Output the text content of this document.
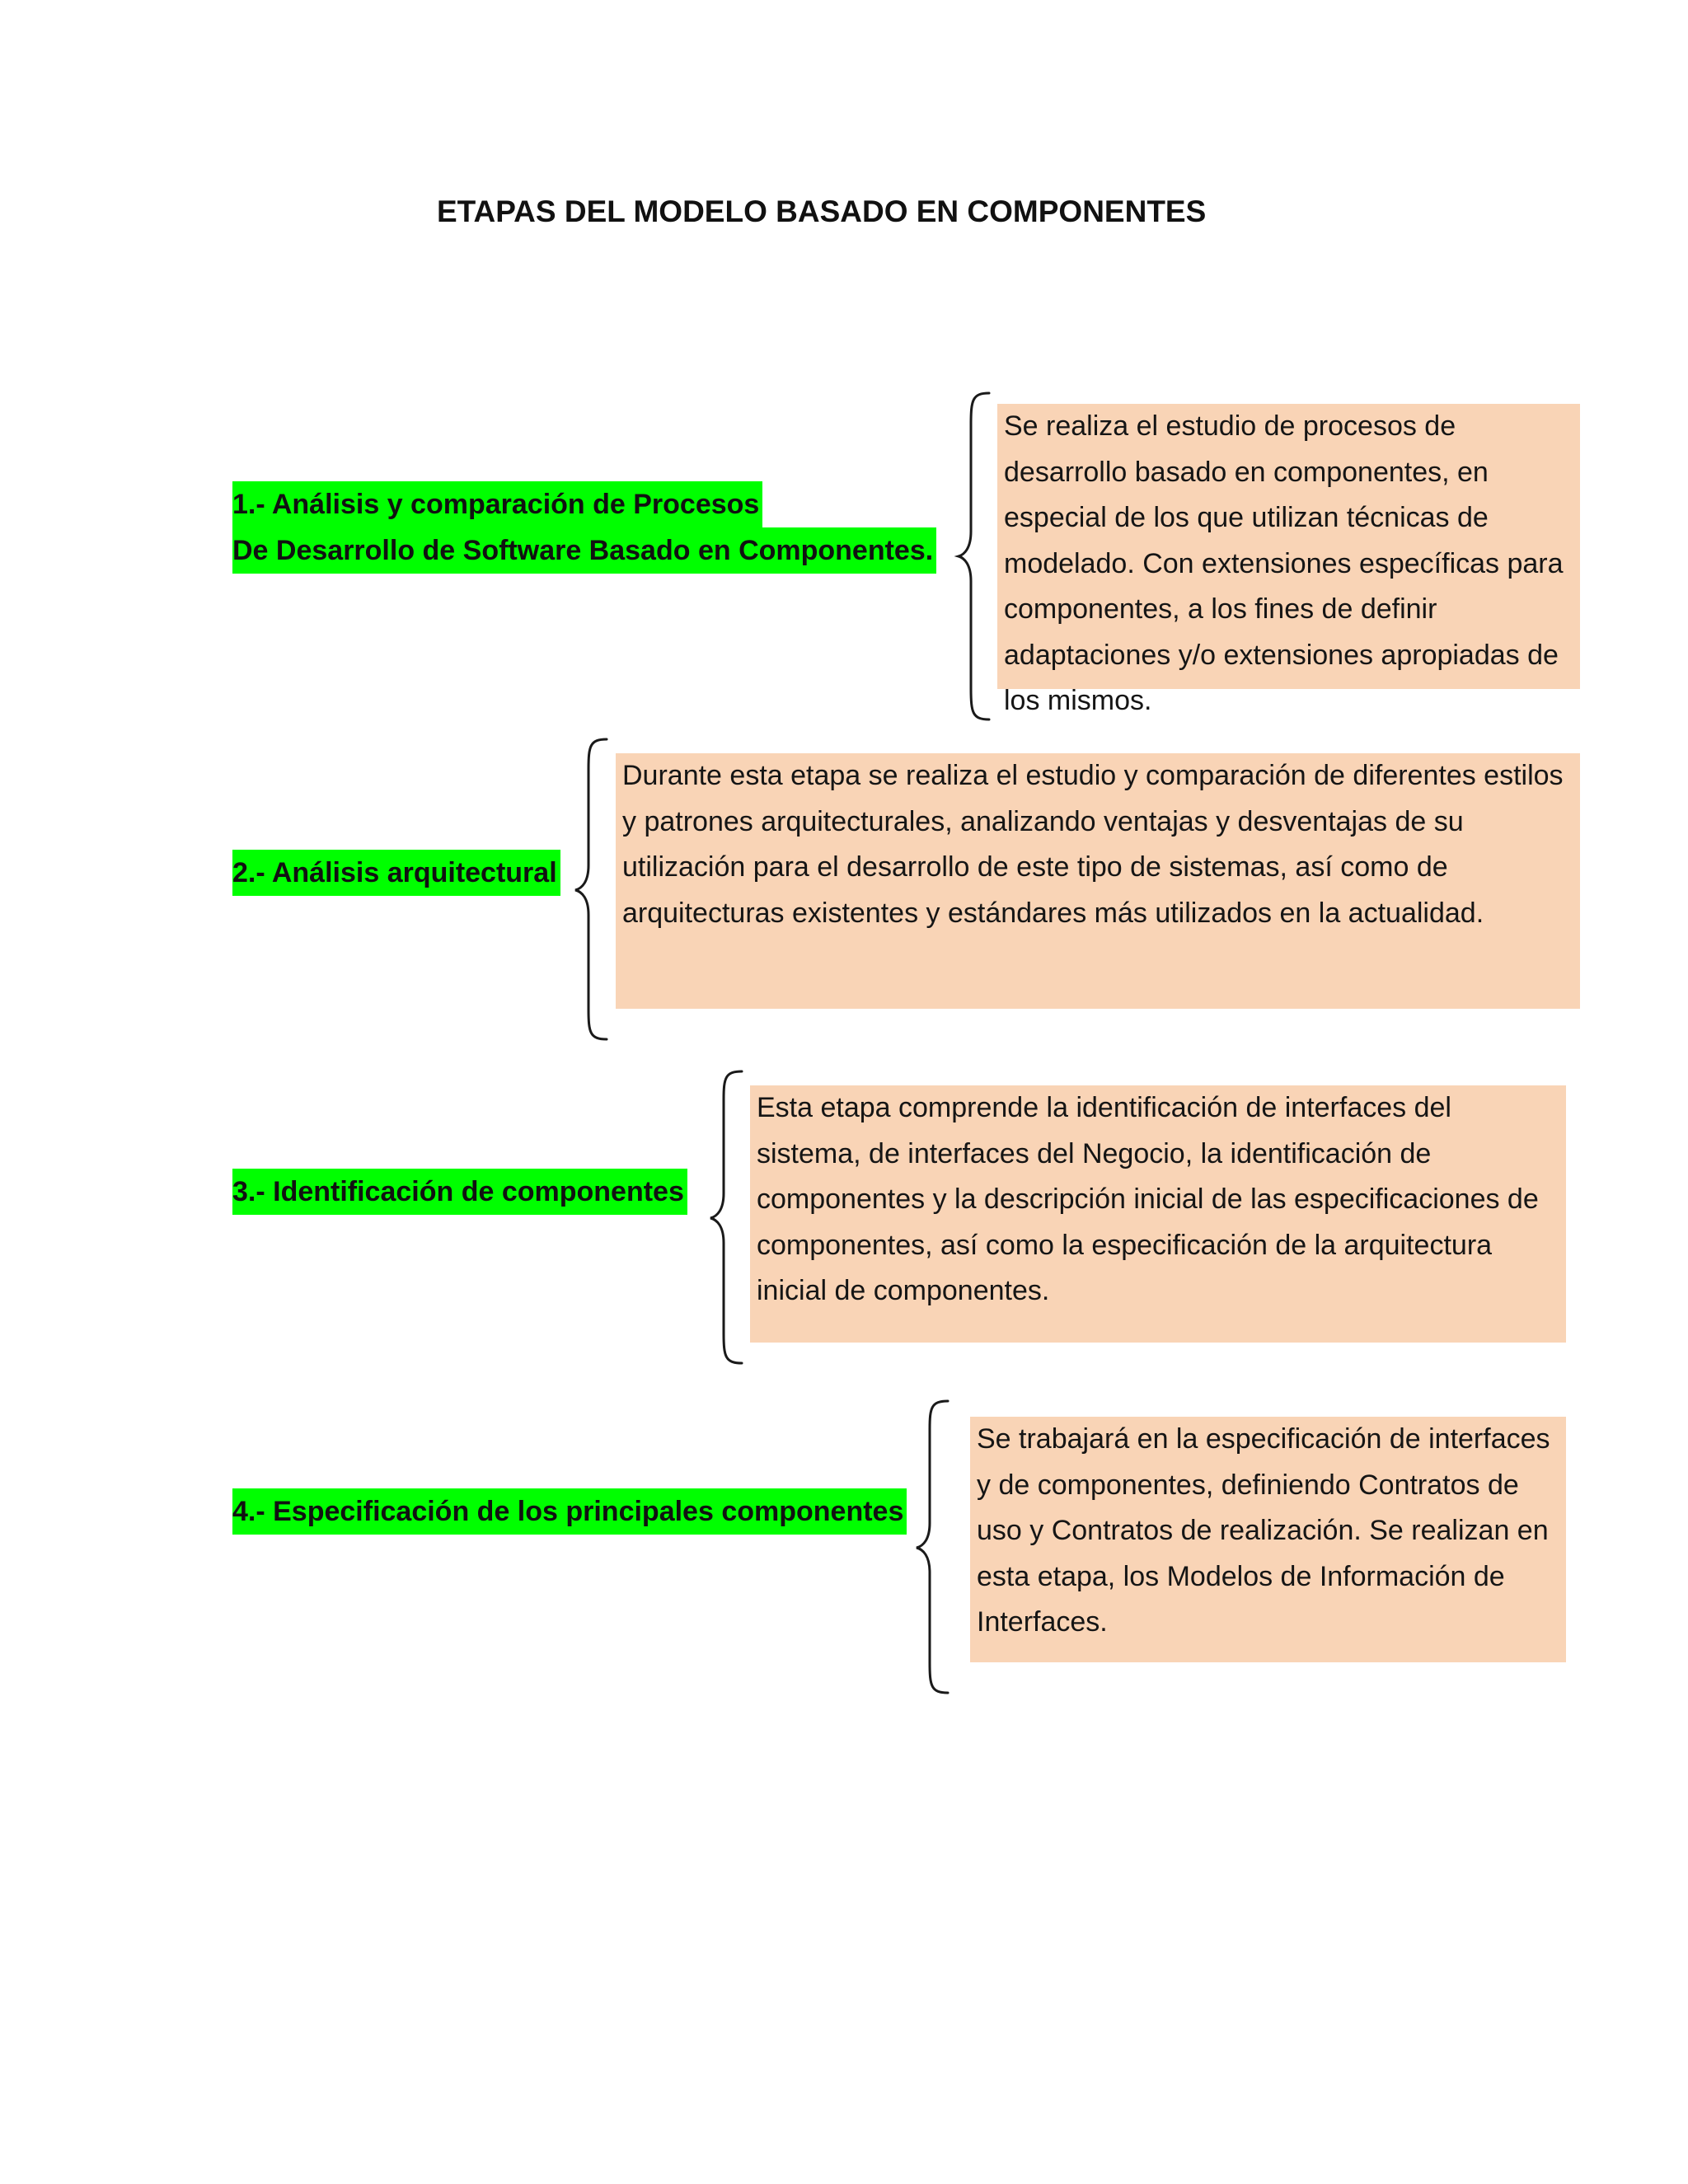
ETAPAS DEL MODELO BASADO EN COMPONENTES
1.- Análisis y comparación de Procesos
De Desarrollo de Software Basado en Componentes.
Se realiza el estudio de procesos de desarrollo basado en componentes, en especial de los que utilizan técnicas de modelado. Con extensiones específicas para componentes, a los fines de definir adaptaciones y/o extensiones apropiadas de los mismos.
2.- Análisis arquitectural
Durante esta etapa se realiza el estudio y comparación de diferentes estilos y patrones arquitecturales, analizando ventajas y desventajas de su utilización para el desarrollo de este tipo de sistemas, así como de arquitecturas existentes y estándares más utilizados en la actualidad.
3.- Identificación de componentes
Esta etapa comprende la identificación de interfaces del sistema, de interfaces del Negocio, la identificación de componentes y la descripción inicial de las especificaciones de componentes, así como la especificación de la arquitectura inicial de componentes.
4.- Especificación de los principales componentes
Se trabajará en la especificación de interfaces y de componentes, definiendo Contratos de uso y Contratos de realización. Se realizan en esta etapa, los Modelos de Información de Interfaces.
